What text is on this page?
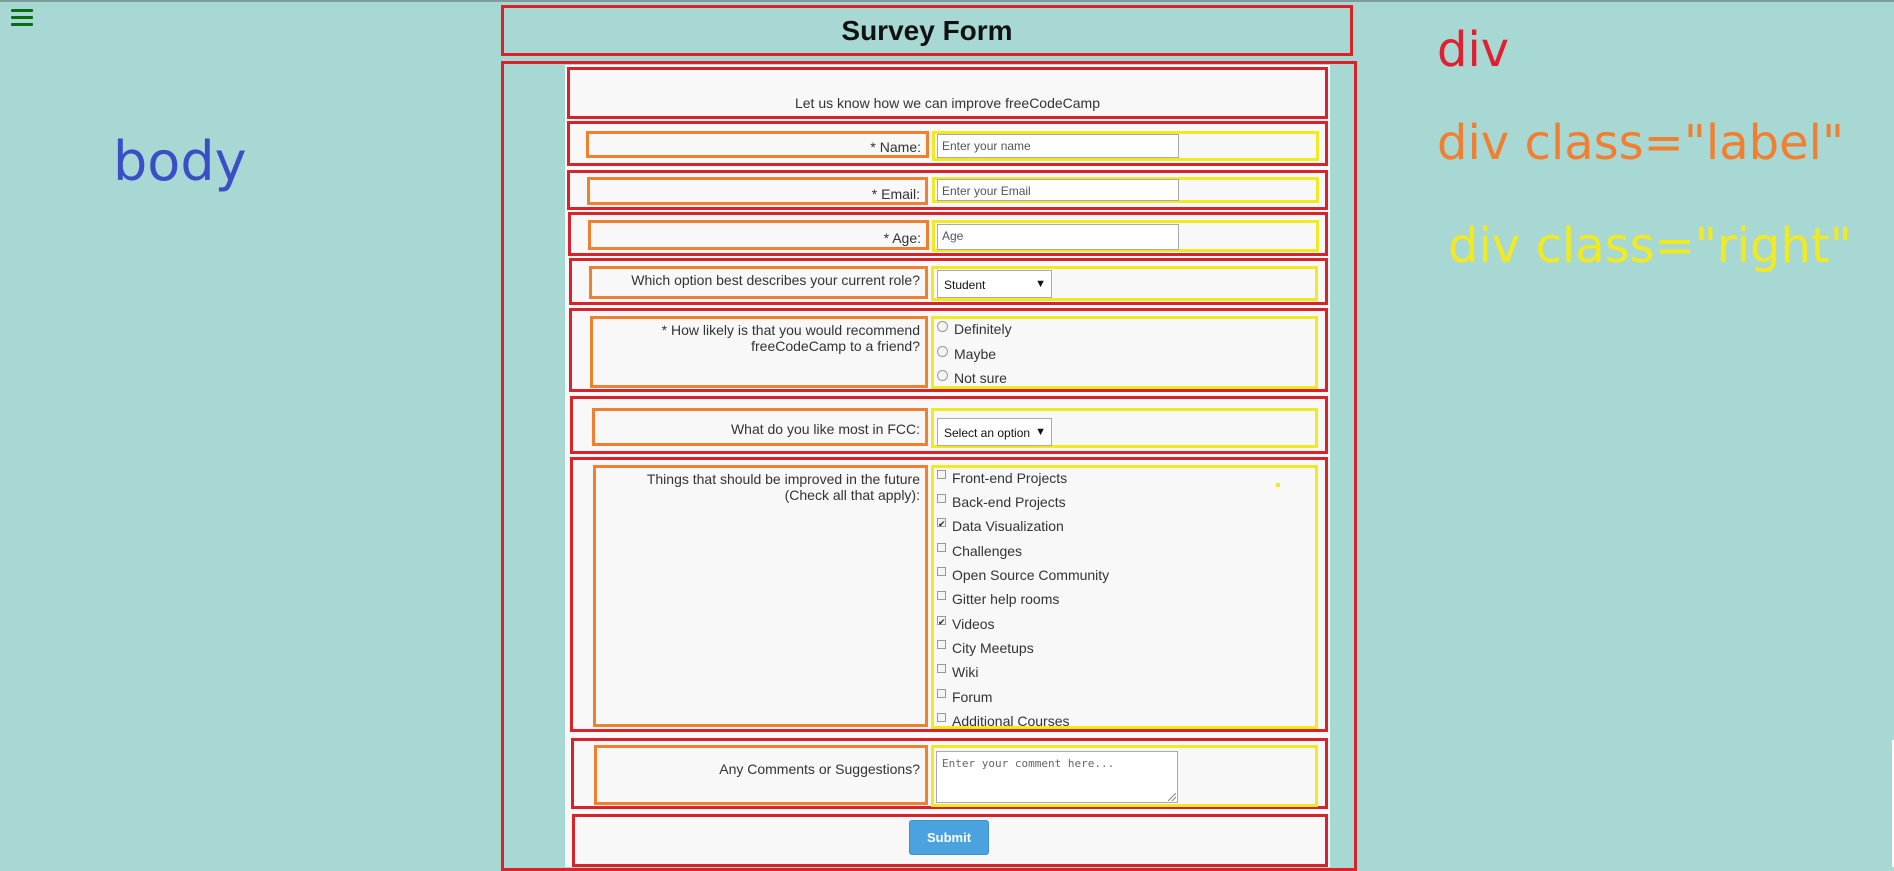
body
div
div class="label"
div class="right"
Survey Form
Let us know how we can improve freeCodeCamp
* Name:	Enter your name
* Email:	Enter your Email
* Age:	Age
Which option best describes your current role?	Student	▼
* How likely is that you would recommend freeCodeCamp to a friend?
Definitely
Maybe
Not sure
What do you like most in FCC:	Select an option ▼
Things that should be improved in the future (Check all that apply):
Front-end Projects
Back-end Projects
✔Data Visualization
Challenges
Open Source Community
Gitter help rooms
✔Videos
City Meetups
Wiki
Forum
Additional Courses
Any Comments or Suggestions?	Enter your comment here...
Submit
